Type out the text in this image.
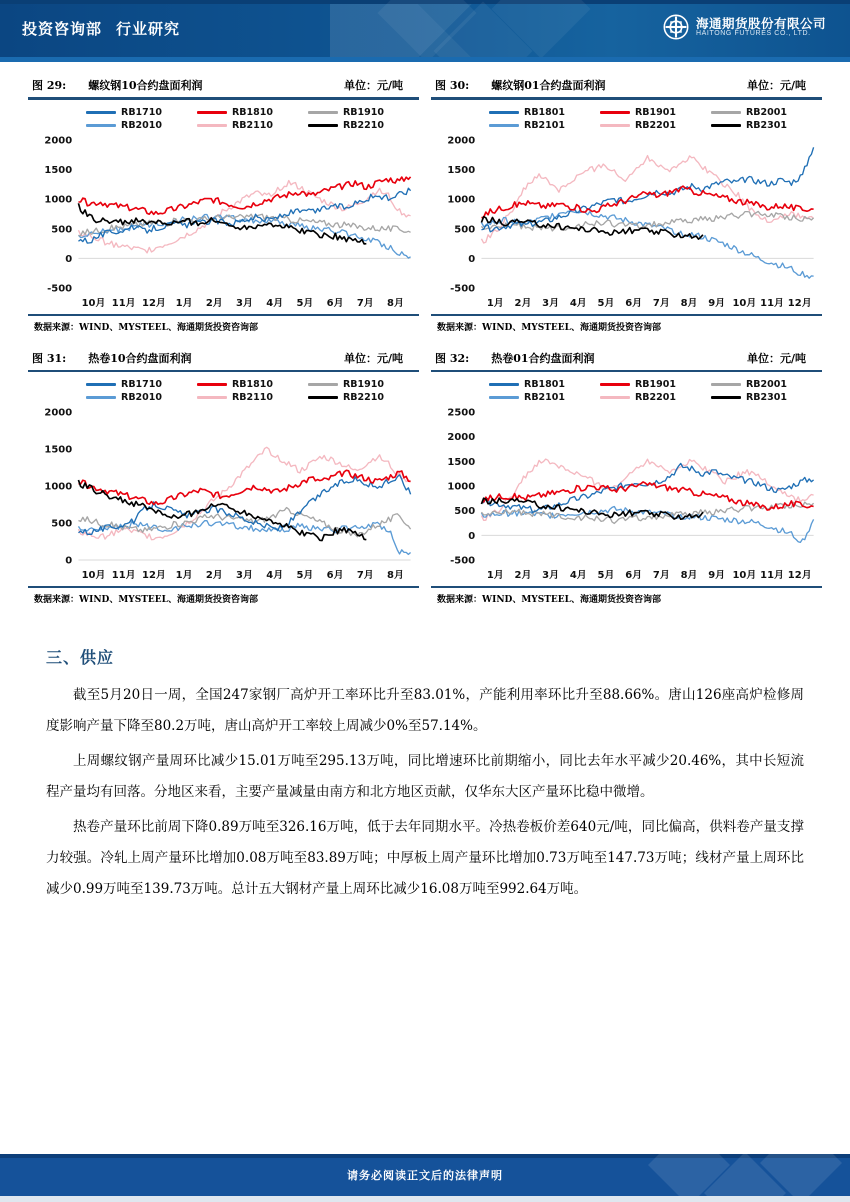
投资咨询部 行业研究	海通期货股份有限公司
HAITONG FUTURES CO., LTD.
图 29: 螺纹钢10合约盘面利润	单位：元/吨
RB1710	RB1810	RB1910
RB2010	RB2110	RB2210
-500
0
500
1000
1500
2000
10月 11月 12月 1月 2月 3月 4月 5月 6月 7月 8月
数据来源：WIND、MYSTEEL、海通期货投资咨询部
图 30: 螺纹钢01合约盘面利润	单位：元/吨
RB1801	RB1901	RB2001
RB2101	RB2201	RB2301
-500
0
500
1000
1500
2000
1月 2月 3月 4月 5月 6月 7月 8月 9月 10月 11月 12月
数据来源：WIND、MYSTEEL、海通期货投资咨询部
图 31: 热卷10合约盘面利润	单位：元/吨
RB1710	RB1810	RB1910
RB2010	RB2110	RB2210
0
500
1000
1500
2000
10月 11月 12月 1月 2月 3月 4月 5月 6月 7月 8月
数据来源：WIND、MYSTEEL、海通期货投资咨询部
图 32: 热卷01合约盘面利润	单位：元/吨
RB1801	RB1901	RB2001
RB2101	RB2201	RB2301
-500
0
500
1000
1500
2000
2500
1月 2月 3月 4月 5月 6月 7月 8月 9月 10月 11月 12月
数据来源：WIND、MYSTEEL、海通期货投资咨询部
三、供应

截至5月20日一周，全国247家钢厂高炉开工率环比升至83.01%，产能利用率环比升至88.66%。唐山126座高炉检修周度影响产量下降至80.2万吨，唐山高炉开工率较上周减少0%至57.14%。

上周螺纹钢产量周环比减少15.01万吨至295.13万吨，同比增速环比前期缩小，同比去年水平减少20.46%，其中长短流程产量均有回落。分地区来看，主要产量减量由南方和北方地区贡献，仅华东大区产量环比稳中微增。

热卷产量环比前周下降0.89万吨至326.16万吨，低于去年同期水平。冷热卷板价差640元/吨，同比偏高，供料卷产量支撑力较强。冷轧上周产量环比增加0.08万吨至83.89万吨；中厚板上周产量环比增加0.73万吨至147.73万吨；线材产量上周环比减少0.99万吨至139.73万吨。总计五大钢材产量上周环比减少16.08万吨至992.64万吨。

请务必阅读正文后的法律声明
